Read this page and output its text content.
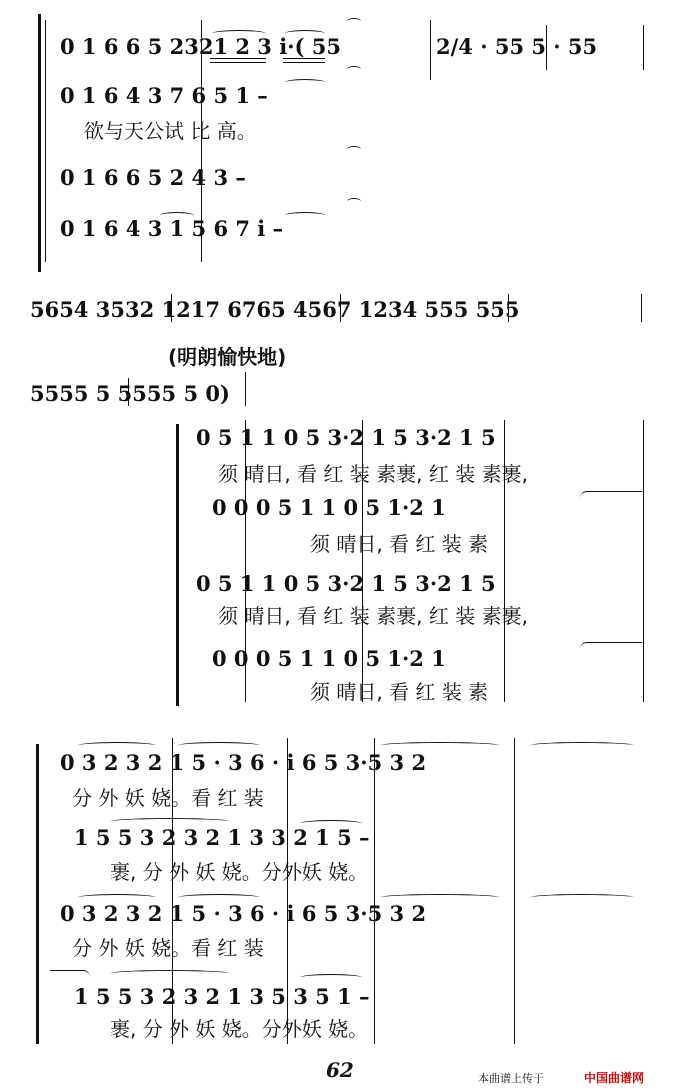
0 1 6 6 5 2321 2 3 i·( 55	2/4 · 55 5 · 55
0 1 6 4 3 7 6 5 1 –
欲与天公试 比 高。
0 1 6 6 5 2 4 3 –
0 1 6 4 3 1 5 6 7 i –
5654 3532 1217 6765 4567 1234 555 555
(明朗愉快地)
5555 5 5555 5 0)
0 5 1 1 0 5 3·2 1 5 3·2 1 5
须 晴日, 看 红 装 素裹, 红 装 素裹,
0 0 0 5 1 1 0 5 1·2 1
须 晴日, 看 红 装 素
0 5 1 1 0 5 3·2 1 5 3·2 1 5
须 晴日, 看 红 装 素裹, 红 装 素裹,
0 0 0 5 1 1 0 5 1·2 1
须 晴日, 看 红 装 素
0 3 2 3 2 1 5 · 3 6 · i 6 5 3·5 3 2
分 外 妖 娆。看 红 装
1 5 5 3 2 3 2 1 3 3 2 1 5 –
裹, 分 外 妖 娆。分外妖 娆。
0 3 2 3 2 1 5 · 3 6 · i 6 5 3·5 3 2
分 外 妖 娆。看 红 装
1 5 5 3 2 3 2 1 3 5 3 5 1 –
裹, 分 外 妖 娆。分外妖 娆。
62	本曲谱上传于	中国曲谱网
